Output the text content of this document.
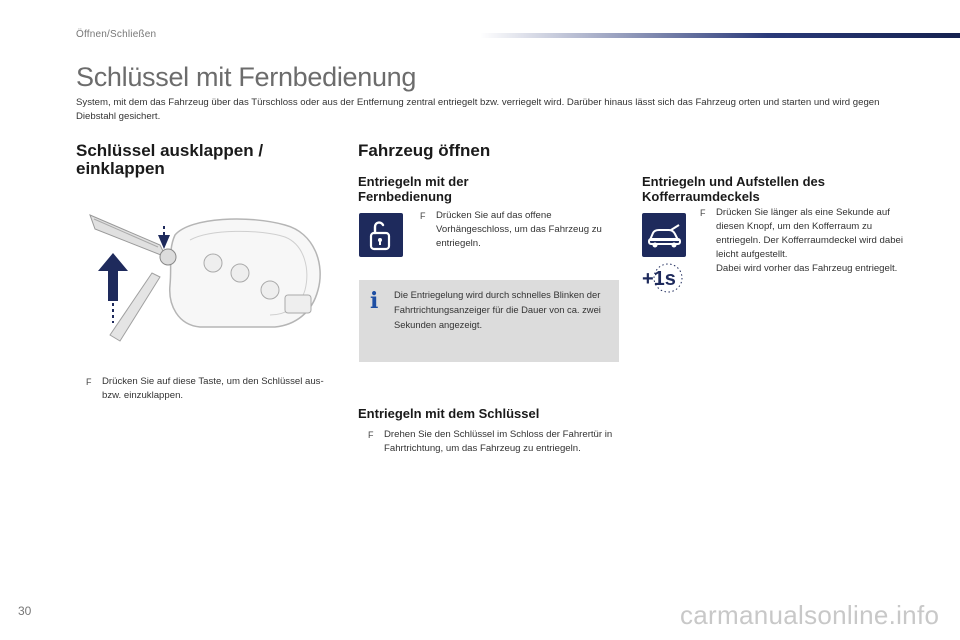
Öffnen/Schließen
Schlüssel mit Fernbedienung
System, mit dem das Fahrzeug über das Türschloss oder aus der Entfernung zentral entriegelt bzw. verriegelt wird. Darüber hinaus lässt sich das Fahrzeug orten und starten und wird gegen Diebstahl gesichert.
Schlüssel ausklappen / einklappen
F	Drücken Sie auf diese Taste, um den Schlüssel aus- bzw. einzuklappen.
Fahrzeug öffnen
Entriegeln mit der Fernbedienung
F	Drücken Sie auf das offene Vorhängeschloss, um das Fahrzeug zu entriegeln.
i Die Entriegelung wird durch schnelles Blinken der Fahrtrichtungsanzeiger für die Dauer von ca. zwei Sekunden angezeigt.
Entriegeln mit dem Schlüssel
F	Drehen Sie den Schlüssel im Schloss der Fahrertür in Fahrtrichtung, um das Fahrzeug zu entriegeln.
Entriegeln und Aufstellen des Kofferraumdeckels
F	Drücken Sie länger als eine Sekunde auf diesen Knopf, um den Kofferraum zu entriegeln. Der Kofferraumdeckel wird dabei leicht aufgestellt.
Dabei wird vorher das Fahrzeug entriegelt.
+1s
30	carmanualsonline.info
